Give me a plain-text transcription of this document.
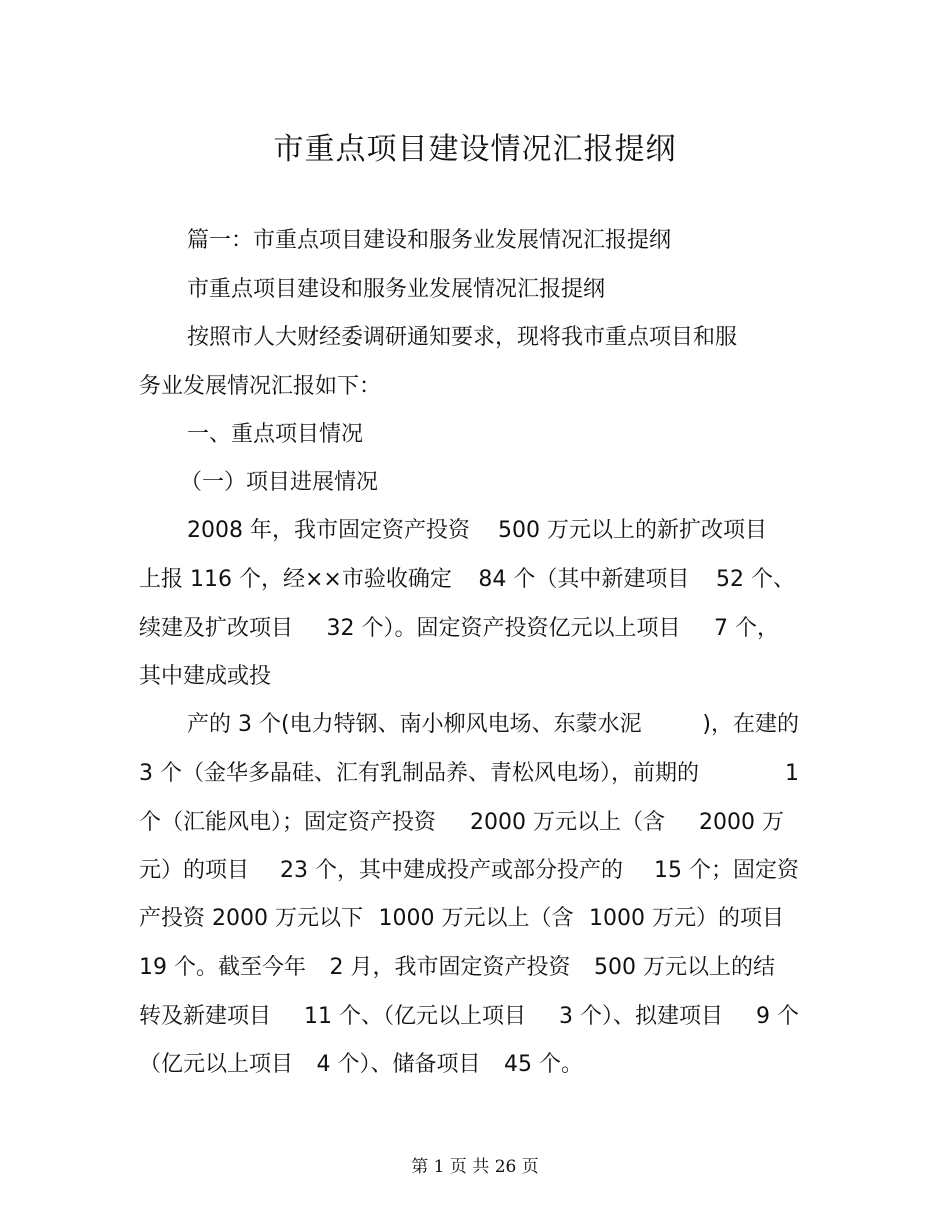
市重点项目建设情况汇报提纲
篇一：市重点项目建设和服务业发展情况汇报提纲
市重点项目建设和服务业发展情况汇报提纲
按照市人大财经委调研通知要求，现将我市重点项目和服
务业发展情况汇报如下：
一、重点项目情况
（一）项目进展情况
2008 年，我市固定资产投资 500 万元以上的新扩改项目
上报 116 个，经××市验收确定 84 个（其中新建项目 52 个、
续建及扩改项目 32 个）。固定资产投资亿元以上项目 7 个，
其中建成或投
产的 3 个(电力特钢、南小柳风电场、东蒙水泥	)，在建的
3 个（金华多晶硅、汇有乳制品养、青松风电场），前期的	1
个（汇能风电）；固定资产投资 2000 万元以上（含 2000 万
元）的项目 23 个，其中建成投产或部分投产的 15 个；固定资
产投资 2000 万元以下 1000 万元以上（含 1000 万元）的项目
19 个。截至今年 2 月，我市固定资产投资 500 万元以上的结
转及新建项目 11 个、（亿元以上项目 3 个）、拟建项目 9 个
（亿元以上项目 4 个）、储备项目 45 个。
第 1 页 共 26 页
